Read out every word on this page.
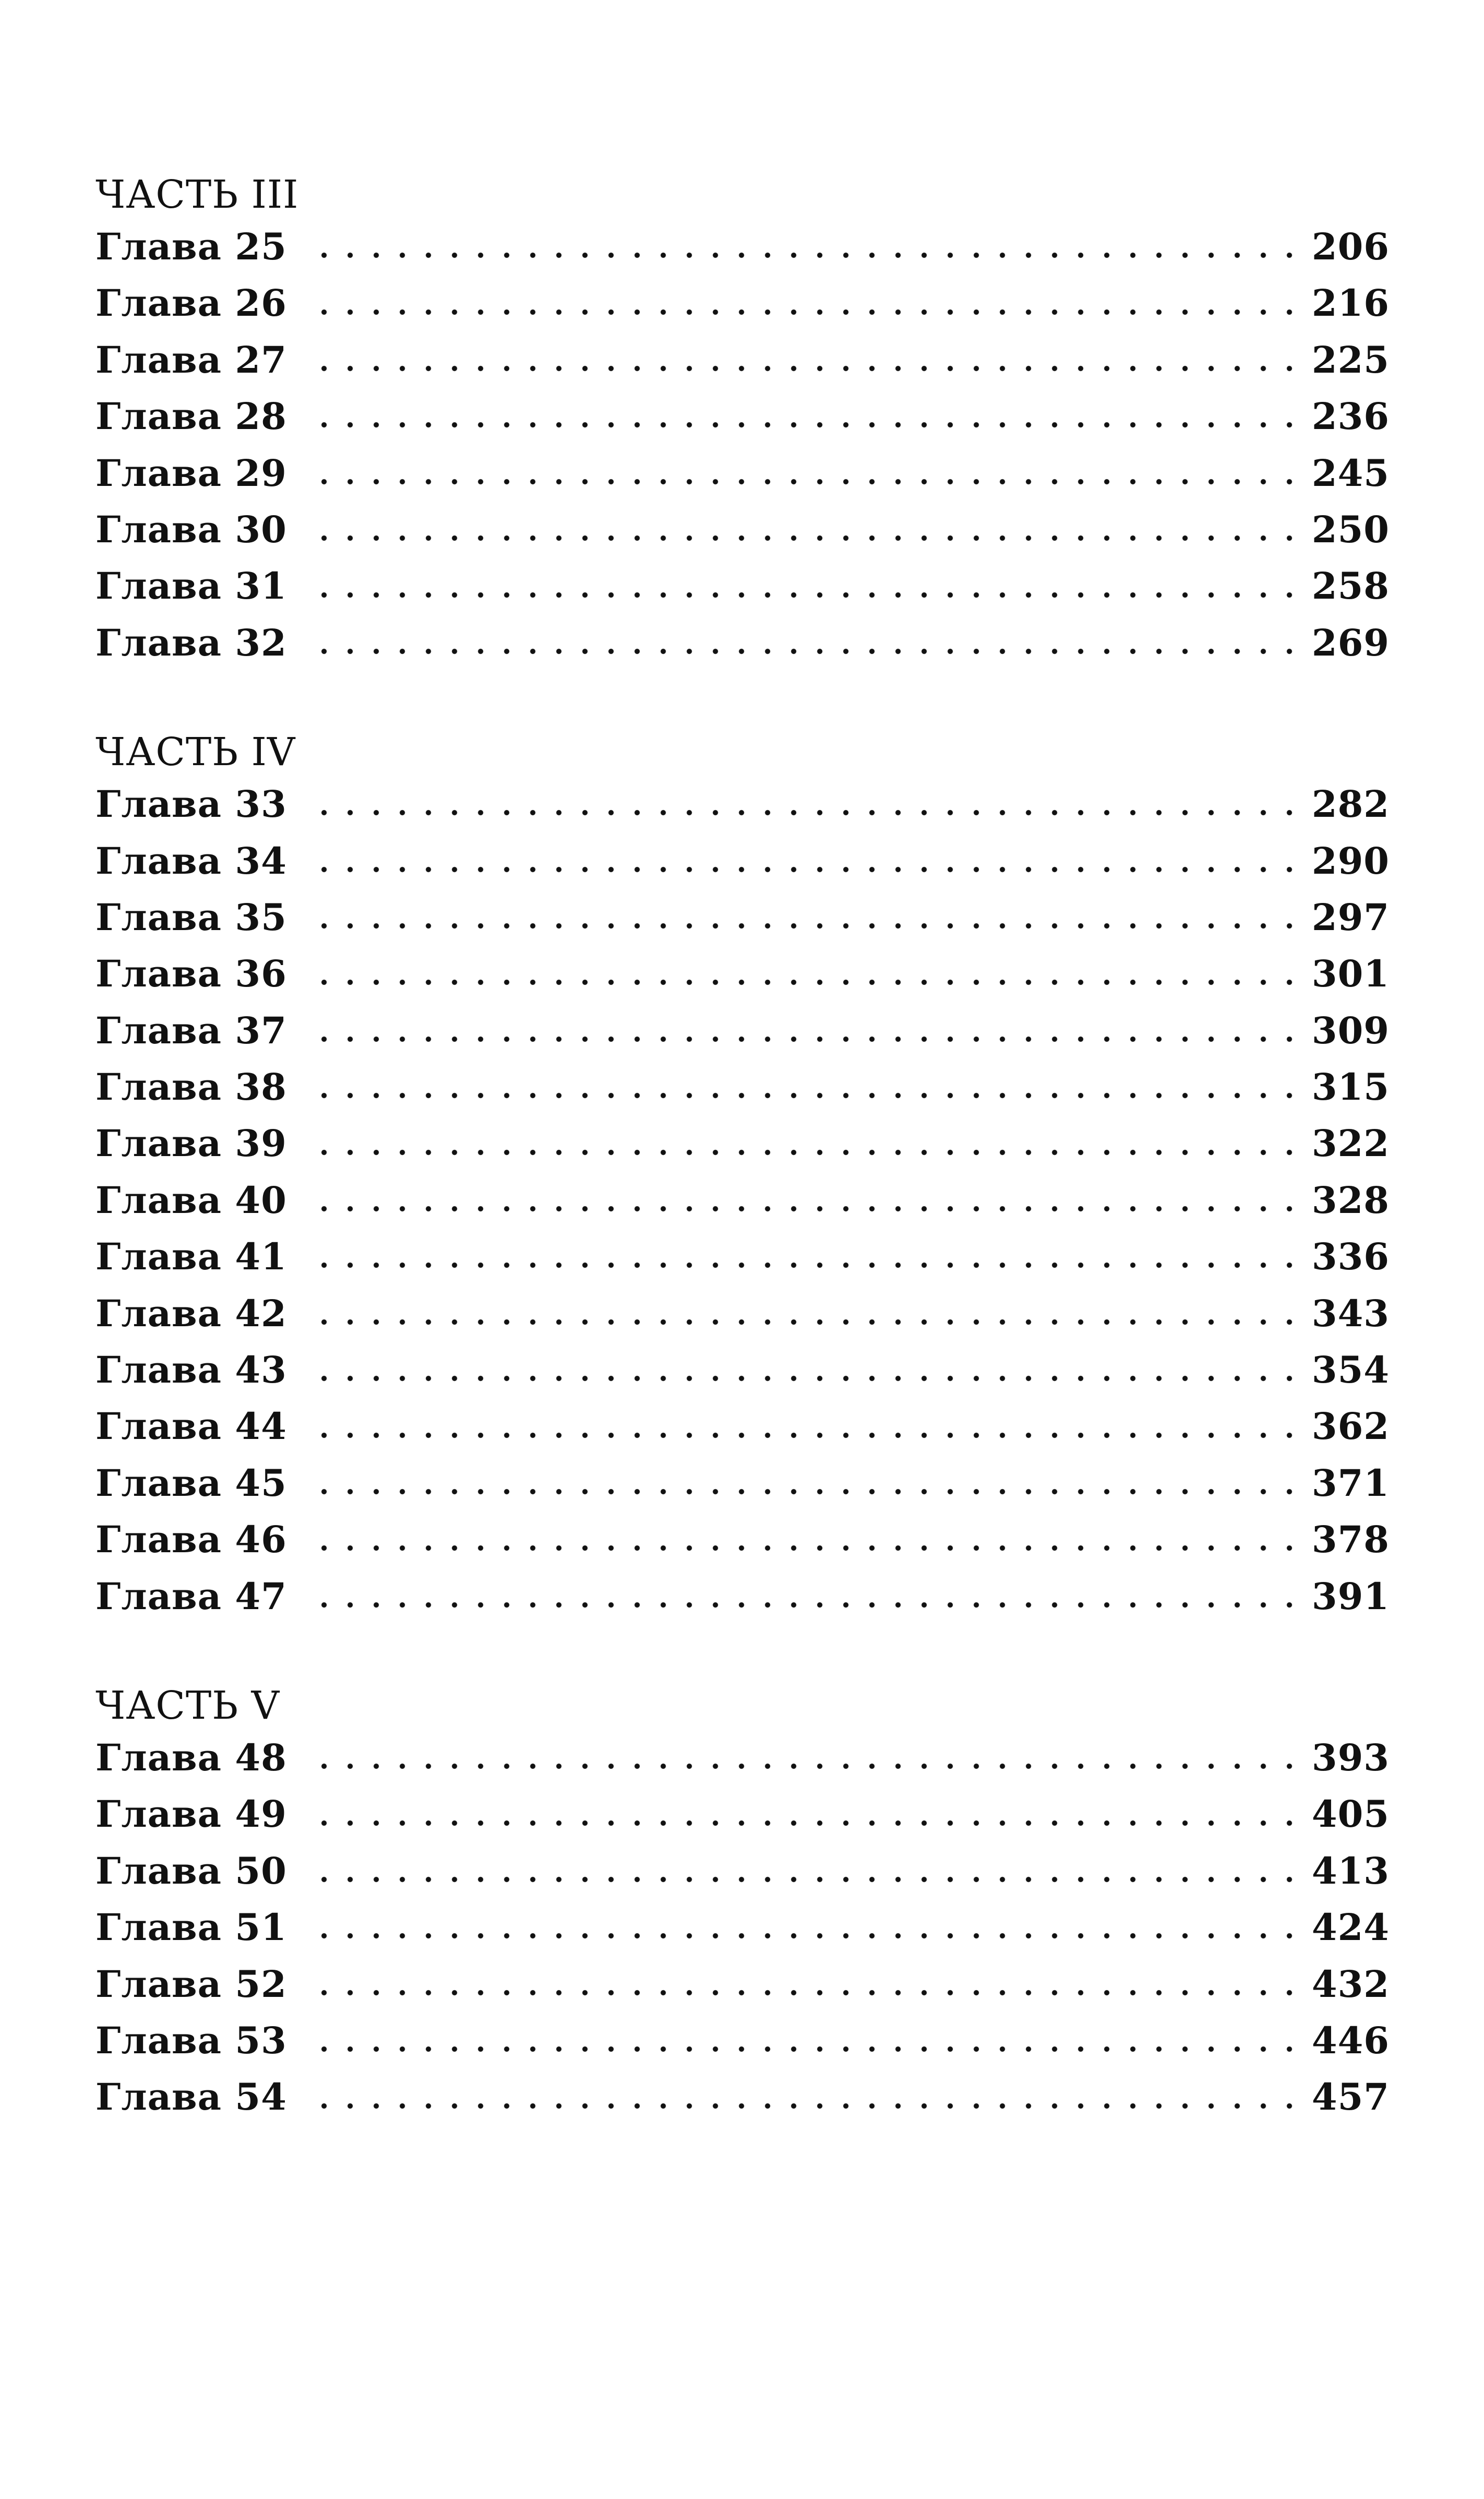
ЧАСТЬ III
Глава 25	206
Глава 26	216
Глава 27	225
Глава 28	236
Глава 29	245
Глава 30	250
Глава 31	258
Глава 32	269
ЧАСТЬ IV
Глава 33	282
Глава 34	290
Глава 35	297
Глава 36	301
Глава 37	309
Глава 38	315
Глава 39	322
Глава 40	328
Глава 41	336
Глава 42	343
Глава 43	354
Глава 44	362
Глава 45	371
Глава 46	378
Глава 47	391
ЧАСТЬ V
Глава 48	393
Глава 49	405
Глава 50	413
Глава 51	424
Глава 52	432
Глава 53	446
Глава 54	457
